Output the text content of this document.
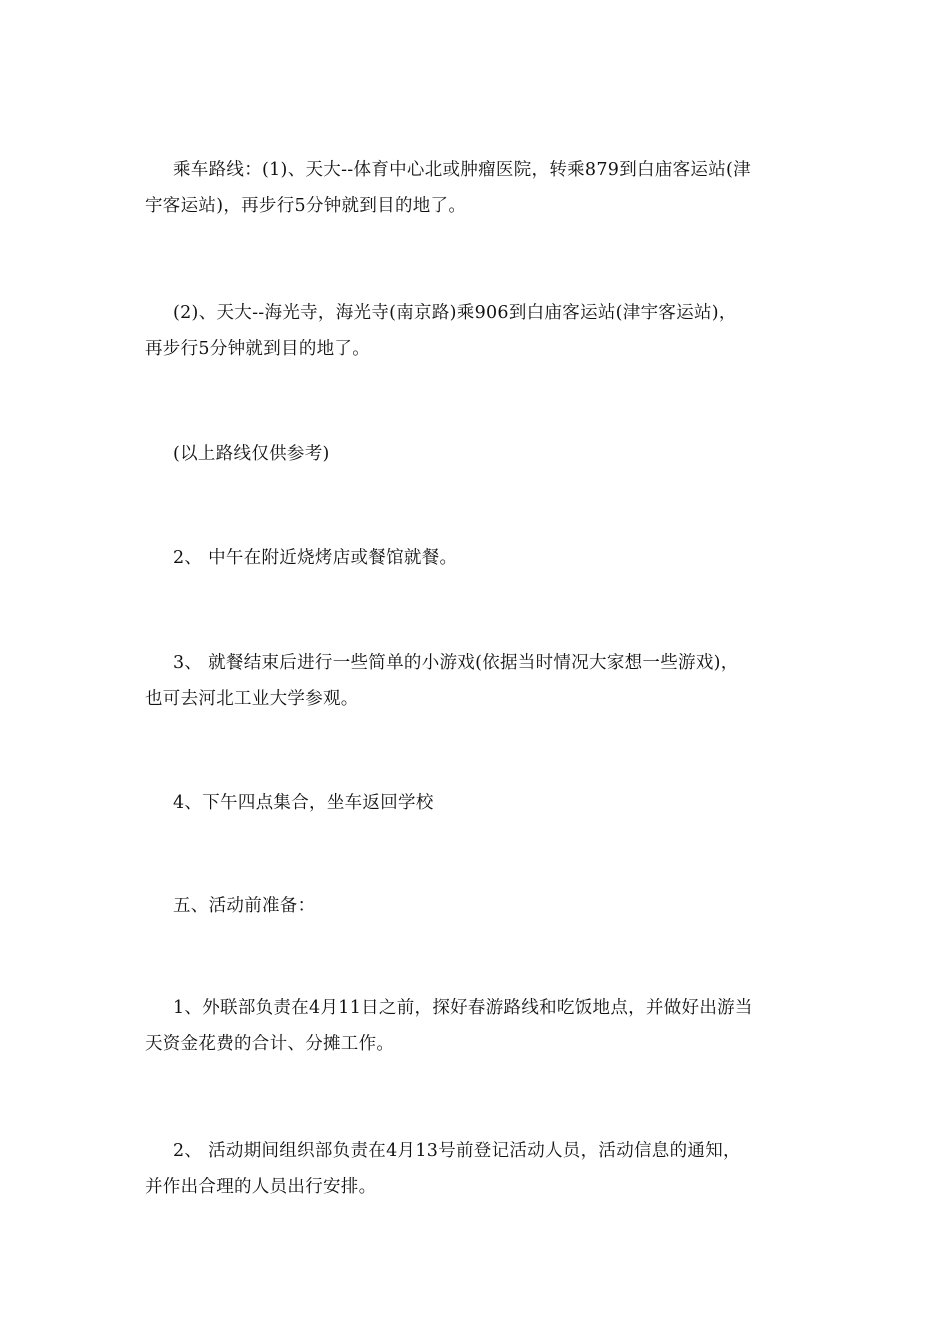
乘车路线：(1)、天大--体育中心北或肿瘤医院，转乘879到白庙客运站(津
宇客运站)，再步行5分钟就到目的地了。

(2)、天大--海光寺，海光寺(南京路)乘906到白庙客运站(津宇客运站)，
再步行5分钟就到目的地了。

(以上路线仅供参考)

2、 中午在附近烧烤店或餐馆就餐。

3、 就餐结束后进行一些简单的小游戏(依据当时情况大家想一些游戏)，
也可去河北工业大学参观。

4、下午四点集合，坐车返回学校

五、活动前准备：

1、外联部负责在4月11日之前，探好春游路线和吃饭地点，并做好出游当
天资金花费的合计、分摊工作。

2、 活动期间组织部负责在4月13号前登记活动人员，活动信息的通知，
并作出合理的人员出行安排。
